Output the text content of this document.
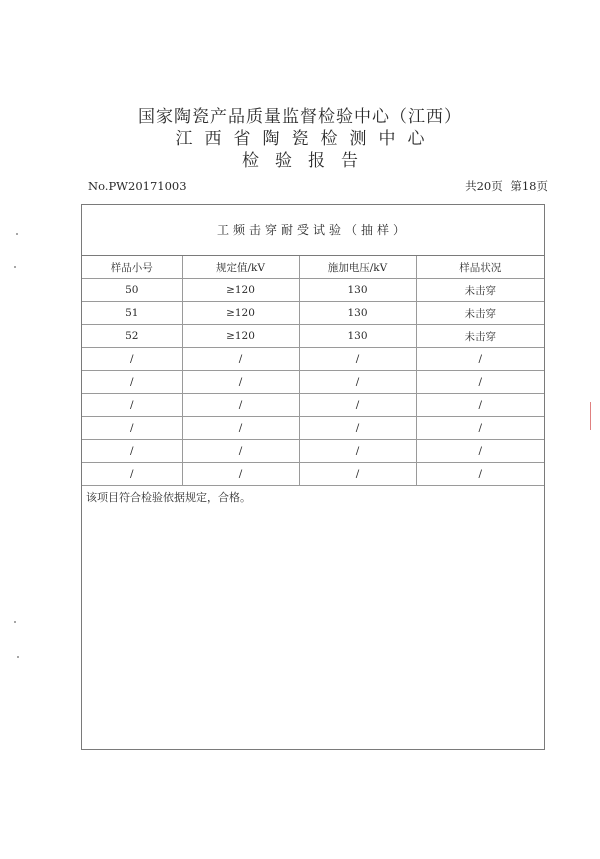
国家陶瓷产品质量监督检验中心（江西）
江西省陶瓷检测中心
检验报告
No.PW20171003	共20页 第18页
工频击穿耐受试验（抽样）
样品小号	规定值/kV	施加电压/kV	样品状况
50	≥120	130	未击穿
51	≥120	130	未击穿
52	≥120	130	未击穿
/	/	/	/
/	/	/	/
/	/	/	/
/	/	/	/
/	/	/	/
/	/	/	/
该项目符合检验依据规定，合格。
